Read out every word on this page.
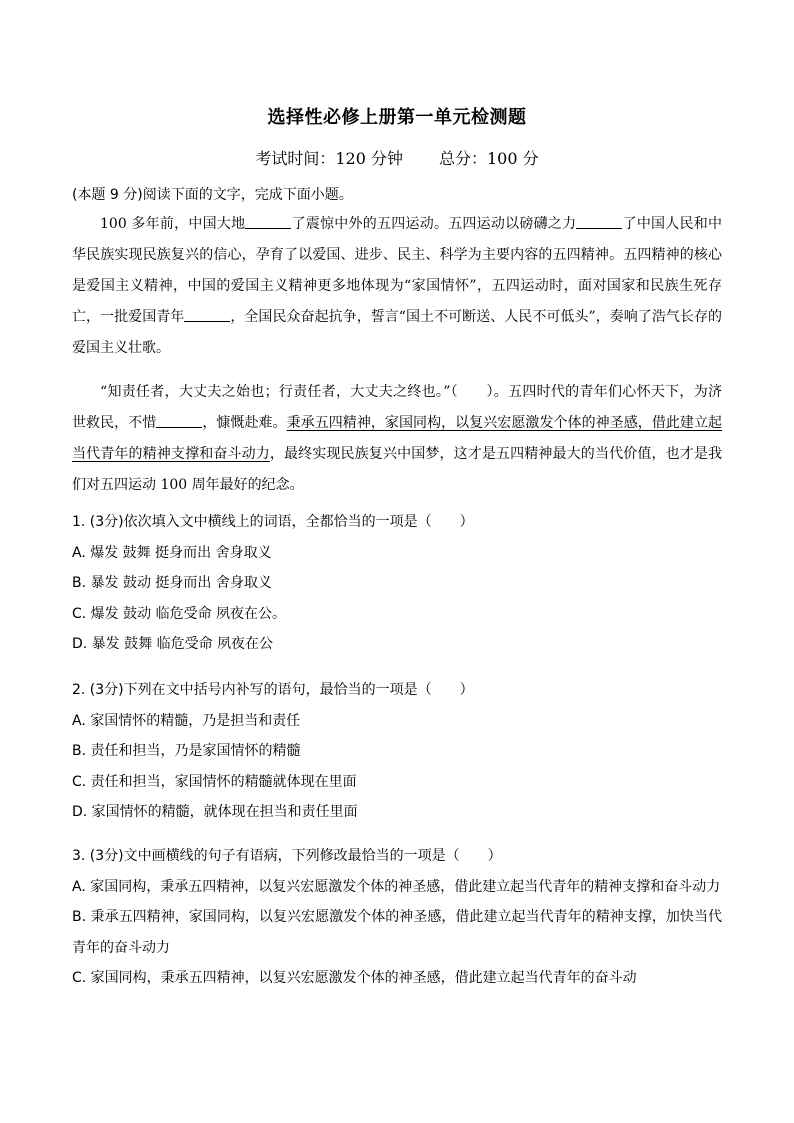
选择性必修上册第一单元检测题
考试时间：120 分钟 总分：100 分
(本题 9 分)阅读下面的文字，完成下面小题。
100 多年前，中国大地	了震惊中外的五四运动。五四运动以磅礴之力	了中国人民和中华民族实现民族复兴的信心，孕育了以爱国、进步、民主、科学为主要内容的五四精神。五四精神的核心是爱国主义精神，中国的爱国主义精神更多地体现为“家国情怀”，五四运动时，面对国家和民族生死存亡，一批爱国青年	，全国民众奋起抗争，誓言“国土不可断送、人民不可低头”，奏响了浩气长存的爱国主义壮歌。
“知责任者，大丈夫之始也；行责任者，大丈夫之终也。”（　　）。五四时代的青年们心怀天下，为济世救民，不惜	，慷慨赴难。秉承五四精神，家国同构，以复兴宏愿激发个体的神圣感，借此建立起当代青年的精神支撑和奋斗动力，最终实现民族复兴中国梦，这才是五四精神最大的当代价值，也才是我们对五四运动 100 周年最好的纪念。
1. (3分)依次填入文中横线上的词语，全都恰当的一项是（　　）
A. 爆发 鼓舞 挺身而出 舍身取义
B. 暴发 鼓动 挺身而出 舍身取义
C. 爆发 鼓动 临危受命 夙夜在公。
D. 暴发 鼓舞 临危受命 夙夜在公
2. (3分)下列在文中括号内补写的语句，最恰当的一项是（　　）
A. 家国情怀的精髓，乃是担当和责任
B. 责任和担当，乃是家国情怀的精髓
C. 责任和担当，家国情怀的精髓就体现在里面
D. 家国情怀的精髓，就体现在担当和责任里面
3. (3分)文中画横线的句子有语病，下列修改最恰当的一项是（　　）
A. 家国同构，秉承五四精神，以复兴宏愿激发个体的神圣感，借此建立起当代青年的精神支撑和奋斗动力
B. 秉承五四精神，家国同构，以复兴宏愿激发个体的神圣感，借此建立起当代青年的精神支撑，加快当代青年的奋斗动力
C. 家国同构，秉承五四精神，以复兴宏愿激发个体的神圣感，借此建立起当代青年的奋斗动
